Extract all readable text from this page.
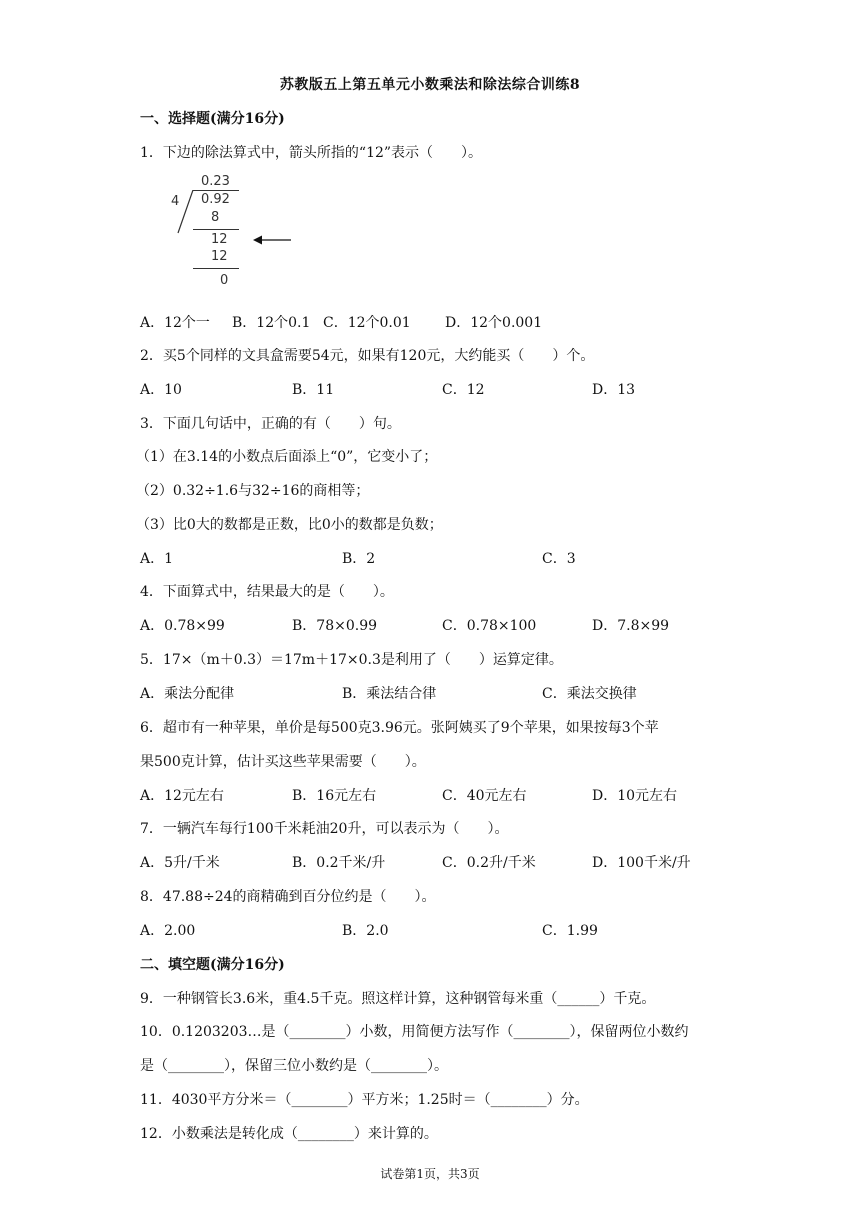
苏教版五上第五单元小数乘法和除法综合训练8
一、选择题(满分16分)
1．下边的除法算式中，箭头所指的“12”表示（　　）。
0.23
4 0.92
8
12
12
0
A．12个一 B．12个0.1 C．12个0.01 D．12个0.001
2．买5个同样的文具盒需要54元，如果有120元，大约能买（　　）个。
A．10	B．11	C．12	D．13
3．下面几句话中，正确的有（　　）句。
（1）在3.14的小数点后面添上“0”，它变小了；
（2）0.32÷1.6与32÷16的商相等；
（3）比0大的数都是正数，比0小的数都是负数；
A．1	B．2	C．3
4．下面算式中，结果最大的是（　　）。
A．0.78×99	B．78×0.99	C．0.78×100	D．7.8×99
5．17×（m＋0.3）＝17m＋17×0.3是利用了（　　）运算定律。
A．乘法分配律	B．乘法结合律	C．乘法交换律
6．超市有一种苹果，单价是每500克3.96元。张阿姨买了9个苹果，如果按每3个苹
果500克计算，估计买这些苹果需要（　　）。
A．12元左右	B．16元左右	C．40元左右	D．10元左右
7．一辆汽车每行100千米耗油20升，可以表示为（　　）。
A．5升/千米	B．0.2千米/升	C．0.2升/千米	D．100千米/升
8．47.88÷24的商精确到百分位约是（　　）。
A．2.00	B．2.0	C．1.99
二、填空题(满分16分)
9．一种钢管长3.6米，重4.5千克。照这样计算，这种钢管每米重（______）千克。
10．0.1203203…是（________）小数，用简便方法写作（________），保留两位小数约
是（________），保留三位小数约是（________）。
11．4030平方分米＝（________）平方米；1.25时＝（________）分。
12．小数乘法是转化成（________）来计算的。
试卷第1页，共3页
